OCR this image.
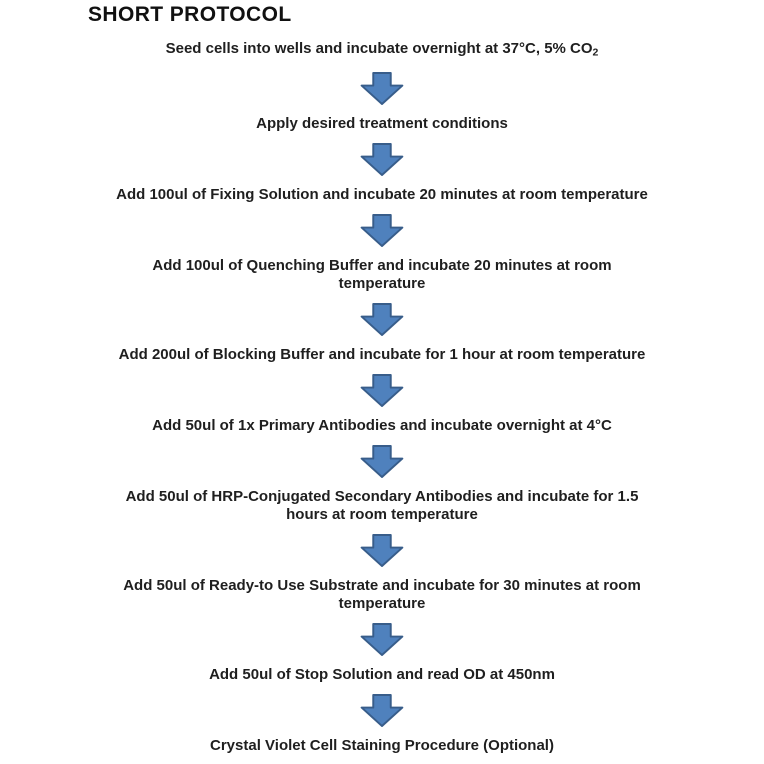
SHORT PROTOCOL
Seed cells into wells and incubate overnight at 37°C, 5% $CO_2$
Apply desired treatment conditions
Add 100ul of Fixing Solution and incubate 20 minutes at room temperature
Add 100ul of Quenching Buffer and incubate 20 minutes at room
temperature
Add 200ul of Blocking Buffer and incubate for 1 hour at room temperature
Add 50ul of 1x Primary Antibodies and incubate overnight at 4°C
Add 50ul of HRP-Conjugated Secondary Antibodies and incubate for 1.5
hours at room temperature
Add 50ul of Ready-to Use Substrate and incubate for 30 minutes at room
temperature
Add 50ul of Stop Solution and read OD at 450nm
Crystal Violet Cell Staining Procedure (Optional)
